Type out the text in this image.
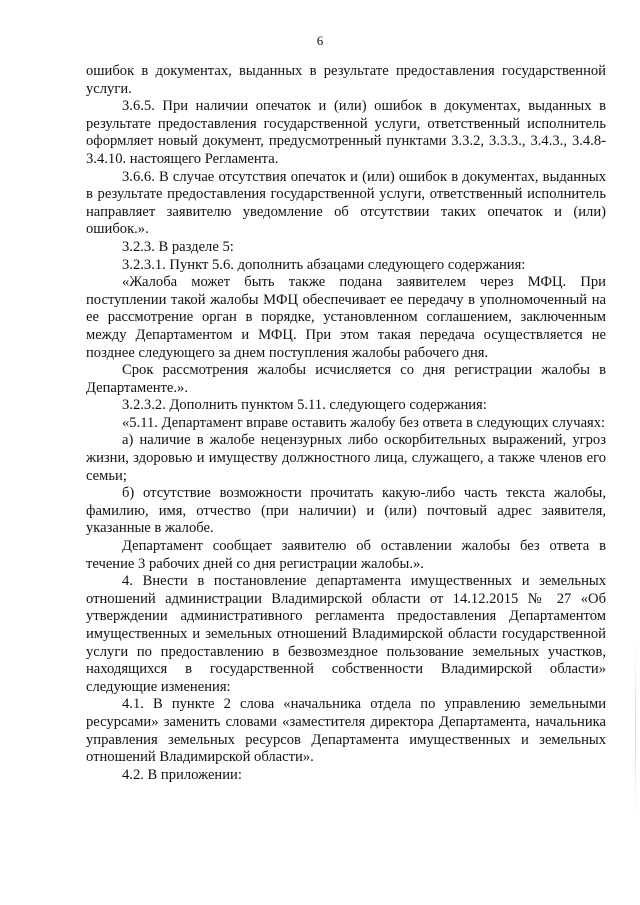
6

ошибок в документах, выданных в результате предоставления государственной услуги.

3.6.5. При наличии опечаток и (или) ошибок в документах, выданных в результате предоставления государственной услуги, ответственный исполнитель оформляет новый документ, предусмотренный пунктами 3.3.2, 3.3.3., 3.4.3., 3.4.8-3.4.10. настоящего Регламента.

3.6.6. В случае отсутствия опечаток и (или) ошибок в документах, выданных в результате предоставления государственной услуги, ответственный исполнитель направляет заявителю уведомление об отсутствии таких опечаток и (или) ошибок.».

3.2.3. В разделе 5:

3.2.3.1. Пункт 5.6. дополнить абзацами следующего содержания:

«Жалоба может быть также подана заявителем через МФЦ. При поступлении такой жалобы МФЦ обеспечивает ее передачу в уполномоченный на ее рассмотрение орган в порядке, установленном соглашением, заключенным между Департаментом и МФЦ. При этом такая передача осуществляется не позднее следующего за днем поступления жалобы рабочего дня.

Срок рассмотрения жалобы исчисляется со дня регистрации жалобы в Департаменте.».

3.2.3.2. Дополнить пунктом 5.11. следующего содержания:

«5.11. Департамент вправе оставить жалобу без ответа в следующих случаях:

а) наличие в жалобе нецензурных либо оскорбительных выражений, угроз жизни, здоровью и имуществу должностного лица, служащего, а также членов его семьи;

б) отсутствие возможности прочитать какую-либо часть текста жалобы, фамилию, имя, отчество (при наличии) и (или) почтовый адрес заявителя, указанные в жалобе.

Департамент сообщает заявителю об оставлении жалобы без ответа в течение 3 рабочих дней со дня регистрации жалобы.».

4. Внести в постановление департамента имущественных и земельных отношений администрации Владимирской области от 14.12.2015 № 27 «Об утверждении административного регламента предоставления Департаментом имущественных и земельных отношений Владимирской области государственной услуги по предоставлению в безвозмездное пользование земельных участков, находящихся в государственной собственности Владимирской области» следующие изменения:

4.1. В пункте 2 слова «начальника отдела по управлению земельными ресурсами» заменить словами «заместителя директора Департамента, начальника управления земельных ресурсов Департамента имущественных и земельных отношений Владимирской области».

4.2. В приложении:
